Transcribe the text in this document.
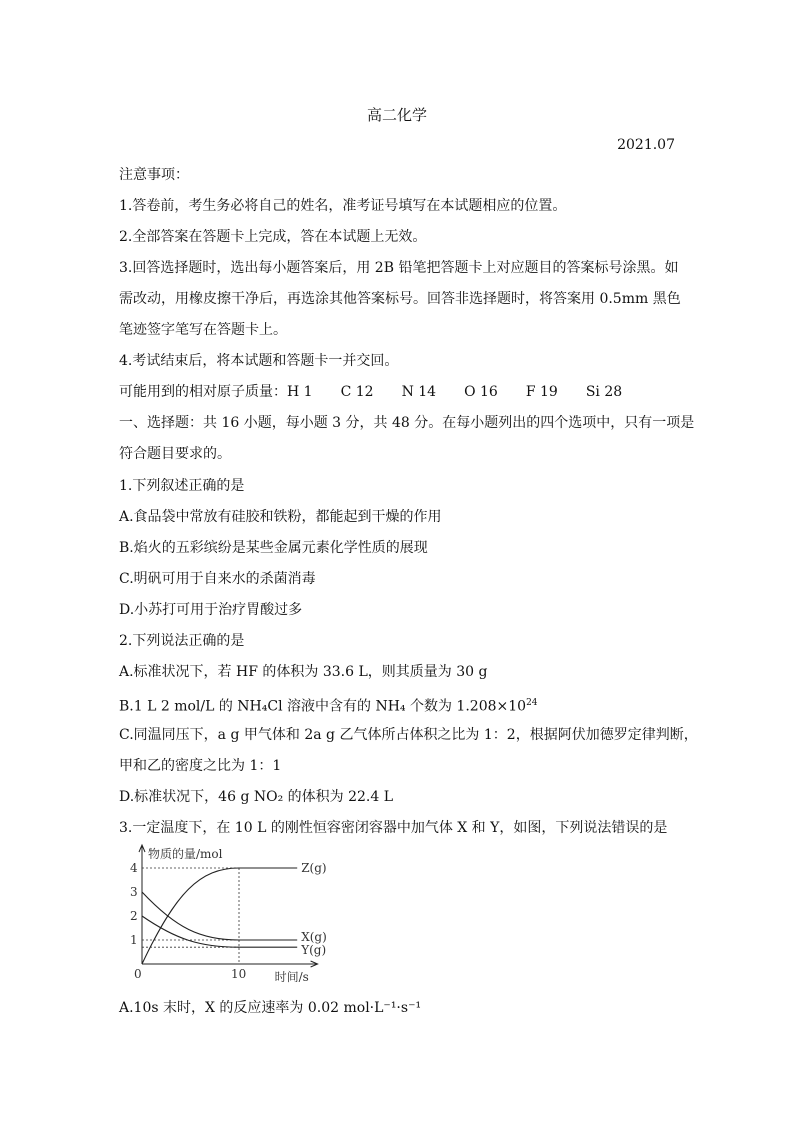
高二化学
2021.07
注意事项：
1.答卷前，考生务必将自己的姓名，准考证号填写在本试题相应的位置。
2.全部答案在答题卡上完成，答在本试题上无效。
3.回答选择题时，选出每小题答案后，用 2B 铅笔把答题卡上对应题目的答案标号涂黑。如
需改动，用橡皮擦干净后，再选涂其他答案标号。回答非选择题时，将答案用 0.5mm 黑色
笔迹签字笔写在答题卡上。
4.考试结束后，将本试题和答题卡一并交回。
可能用到的相对原子质量：H 1 C 12 N 14 O 16 F 19 Si 28
一、选择题：共 16 小题，每小题 3 分，共 48 分。在每小题列出的四个选项中，只有一项是
符合题目要求的。
1.下列叙述正确的是
A.食品袋中常放有硅胶和铁粉，都能起到干燥的作用
B.焰火的五彩缤纷是某些金属元素化学性质的展现
C.明矾可用于自来水的杀菌消毒
D.小苏打可用于治疗胃酸过多
2.下列说法正确的是
A.标准状况下，若 HF 的体积为 33.6 L，则其质量为 30 g
B.1 L 2 mol/L 的 NH₄Cl 溶液中含有的 NH₄ 个数为 $1.208\times 10^{24}$
C.同温同压下，a g 甲气体和 2a g 乙气体所占体积之比为 1：2，根据阿伏加德罗定律判断，
甲和乙的密度之比为 1：1
D.标准状况下，46 g NO₂ 的体积为 22.4 L
3.一定温度下，在 10 L 的刚性恒容密闭容器中加气体 X 和 Y，如图，下列说法错误的是
物质的量/mol
时间/s
0
1
2
3
4
10
Z(g)
X(g)
Y(g)
A.10s 末时，X 的反应速率为 0.02 mol·L⁻¹·s⁻¹
